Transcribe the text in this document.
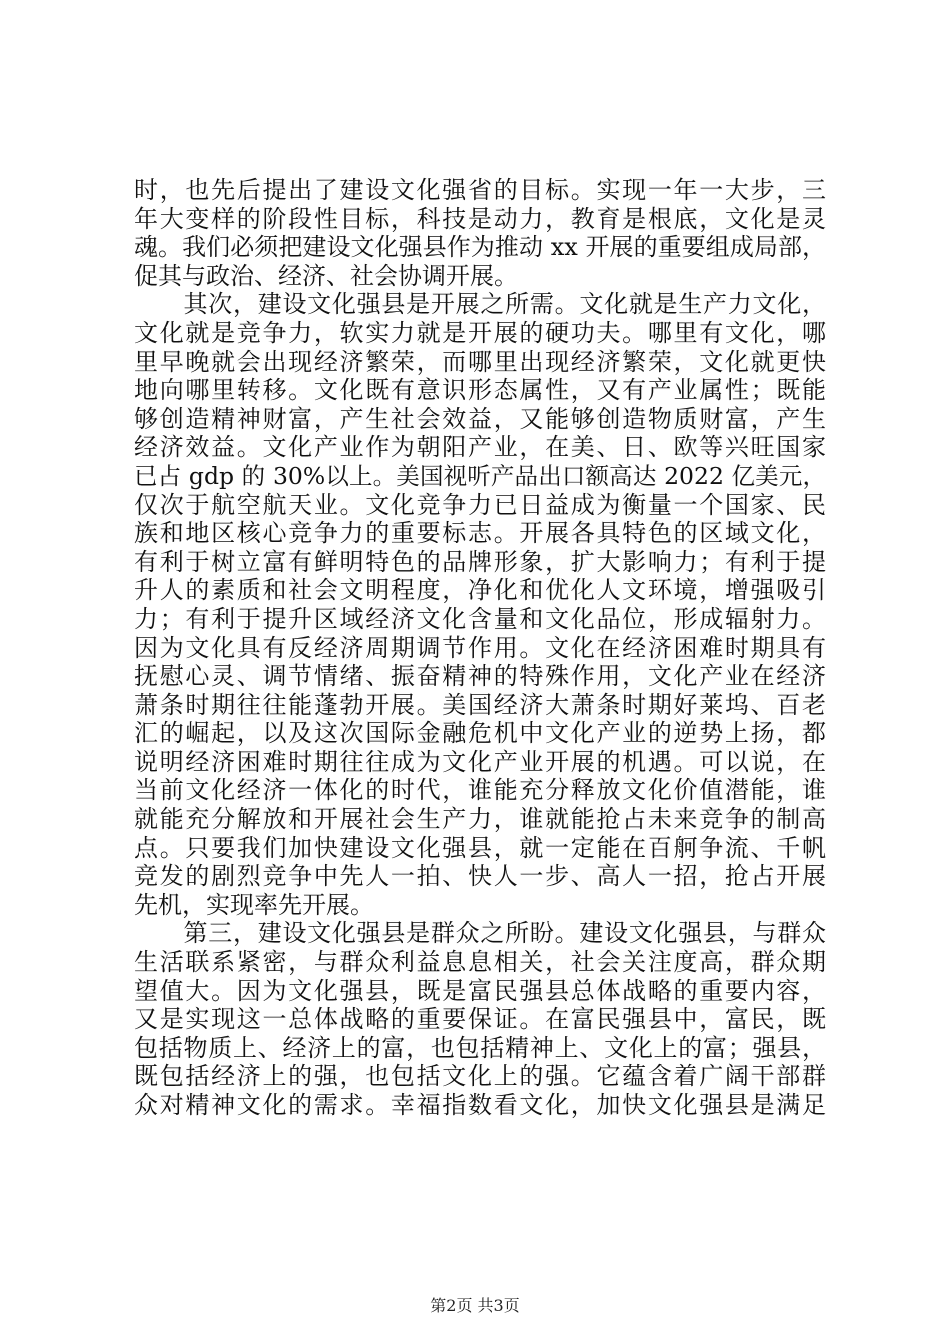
时，也先后提出了建设文化强省的目标。实现一年一大步，三
年大变样的阶段性目标，科技是动力，教育是根底，文化是灵
魂。我们必须把建设文化强县作为推动 xx 开展的重要组成局部，
促其与政治、经济、社会协调开展。
　　其次，建设文化强县是开展之所需。文化就是生产力文化，
文化就是竞争力，软实力就是开展的硬功夫。哪里有文化，哪
里早晚就会出现经济繁荣，而哪里出现经济繁荣，文化就更快
地向哪里转移。文化既有意识形态属性，又有产业属性；既能
够创造精神财富，产生社会效益，又能够创造物质财富，产生
经济效益。文化产业作为朝阳产业，在美、日、欧等兴旺国家
已占 gdp 的 30%以上。美国视听产品出口额高达 2022 亿美元，
仅次于航空航天业。文化竞争力已日益成为衡量一个国家、民
族和地区核心竞争力的重要标志。开展各具特色的区域文化，
有利于树立富有鲜明特色的品牌形象，扩大影响力；有利于提
升人的素质和社会文明程度，净化和优化人文环境，增强吸引
力；有利于提升区域经济文化含量和文化品位，形成辐射力。
因为文化具有反经济周期调节作用。文化在经济困难时期具有
抚慰心灵、调节情绪、振奋精神的特殊作用，文化产业在经济
萧条时期往往能蓬勃开展。美国经济大萧条时期好莱坞、百老
汇的崛起，以及这次国际金融危机中文化产业的逆势上扬，都
说明经济困难时期往往成为文化产业开展的机遇。可以说，在
当前文化经济一体化的时代，谁能充分释放文化价值潜能，谁
就能充分解放和开展社会生产力，谁就能抢占未来竞争的制高
点。只要我们加快建设文化强县，就一定能在百舸争流、千帆
竞发的剧烈竞争中先人一拍、快人一步、高人一招，抢占开展
先机，实现率先开展。
　　第三，建设文化强县是群众之所盼。建设文化强县，与群众
生活联系紧密，与群众利益息息相关，社会关注度高，群众期
望值大。因为文化强县，既是富民强县总体战略的重要内容，
又是实现这一总体战略的重要保证。在富民强县中，富民，既
包括物质上、经济上的富，也包括精神上、文化上的富；强县，
既包括经济上的强，也包括文化上的强。它蕴含着广阔干部群
众对精神文化的需求。幸福指数看文化，加快文化强县是满足
第2页 共3页
